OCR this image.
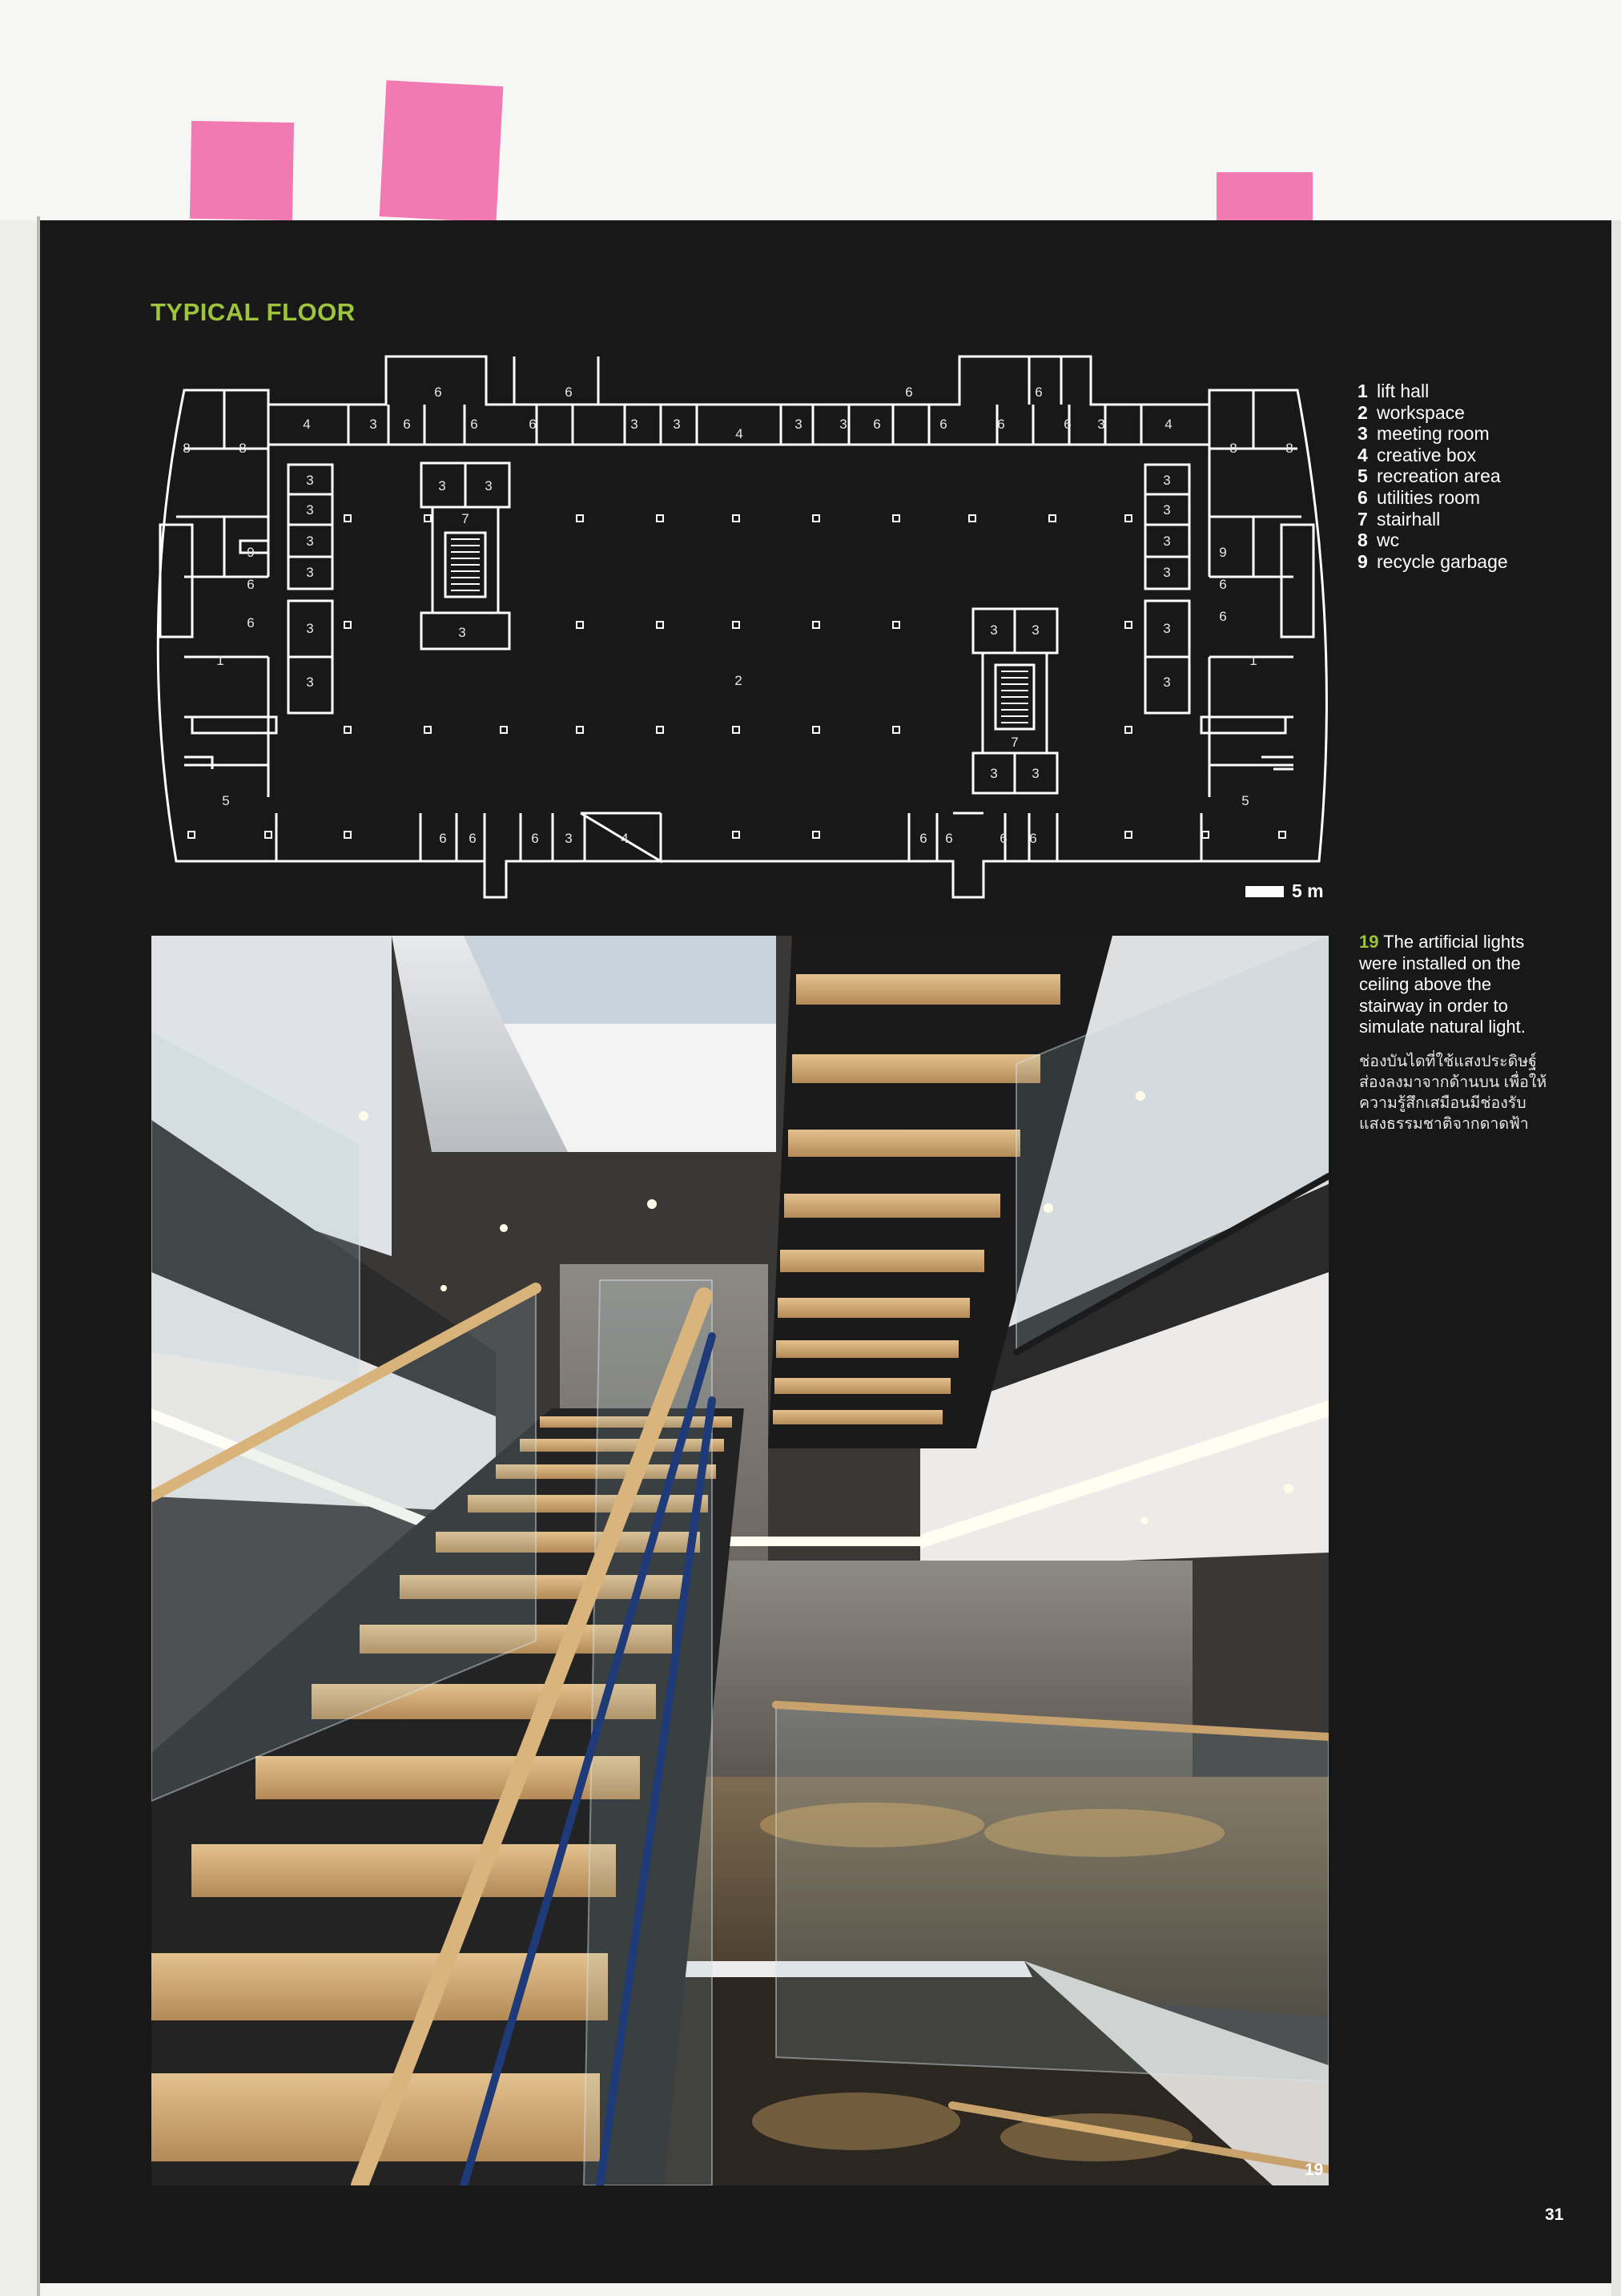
TYPICAL FLOOR
2
1	1
5	5
7
7
8	8	8	8
9	9
6	6
6	6
6	6	6	6
6	6	6	6	6	6	6
6 6	6	6 6	6 6
4
4
4
4
3	3	3	3	3	3
3
3
3
3
3
3
3
3
3
3
3
3
3
3	3
3	3	3
3	3
1 lift hall
2 workspace
3 meeting room
4 creative box
5 recreation area
6 utilities room
7 stairhall
8 wc
9 recycle garbage
5 m
19

19 The artificial lights were installed on the ceiling above the stairway in order to simulate natural light.

ช่องบันไดที่ใช้แสงประดิษฐ์ส่องลงมาจากด้านบน เพื่อให้ความรู้สึกเสมือนมีช่องรับแสงธรรมชาติจากดาดฟ้า

31
